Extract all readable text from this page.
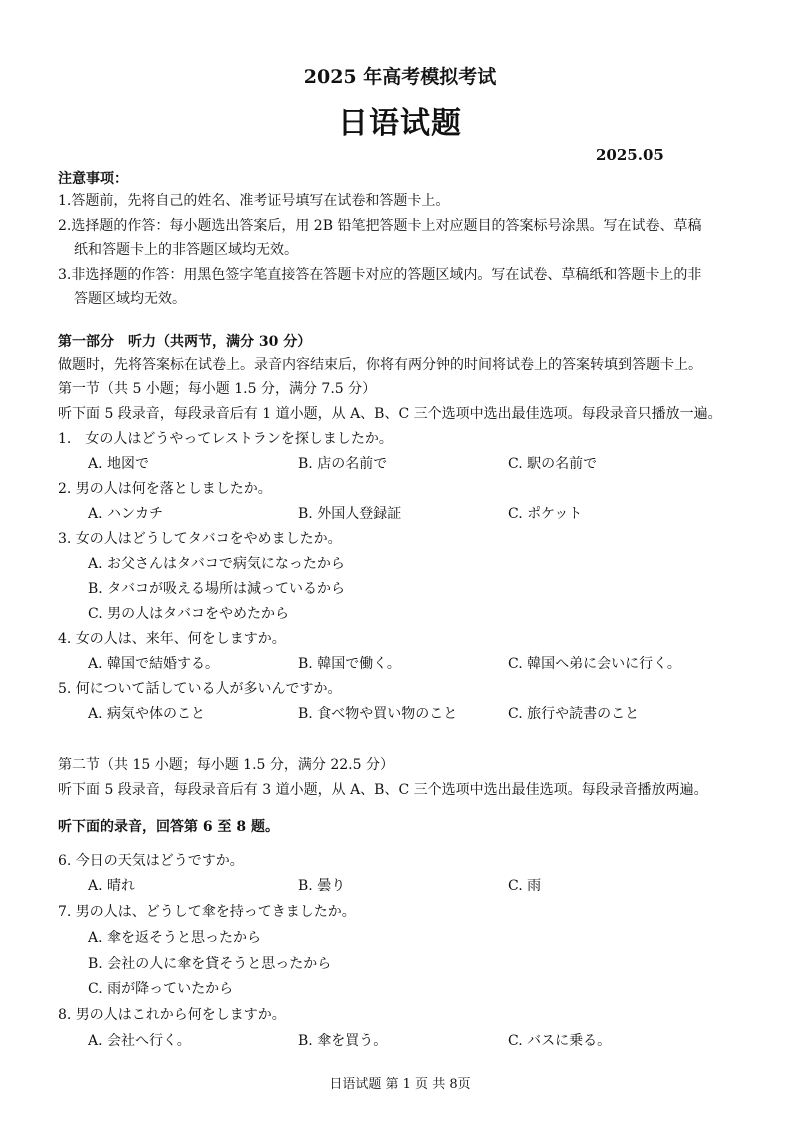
2025 年高考模拟考试
日语试题
2025.05
注意事项：
1.答题前，先将自己的姓名、准考证号填写在试卷和答题卡上。
2.选择题的作答：每小题选出答案后，用 2B 铅笔把答题卡上对应题目的答案标号涂黑。写在试卷、草稿
纸和答题卡上的非答题区域均无效。
3.非选择题的作答：用黑色签字笔直接答在答题卡对应的答题区域内。写在试卷、草稿纸和答题卡上的非
答题区域均无效。
第一部分　听力（共两节，满分 30 分）
做题时，先将答案标在试卷上。录音内容结束后，你将有两分钟的时间将试卷上的答案转填到答题卡上。
第一节（共 5 小题；每小题 1.5 分，满分 7.5 分）
听下面 5 段录音，每段录音后有 1 道小题，从 A、B、C 三个选项中选出最佳选项。每段录音只播放一遍。
1.　女の人はどうやってレストランを探しましたか。
A. 地図で	B. 店の名前で	C. 駅の名前で
2. 男の人は何を落としましたか。
A. ハンカチ	B. 外国人登録証	C. ポケット
3. 女の人はどうしてタバコをやめましたか。
A. お父さんはタバコで病気になったから
B. タバコが吸える場所は減っているから
C. 男の人はタバコをやめたから
4. 女の人は、来年、何をしますか。
A. 韓国で結婚する。	B. 韓国で働く。	C. 韓国へ弟に会いに行く。
5. 何について話している人が多いんですか。
A. 病気や体のこと	B. 食べ物や買い物のこと	C. 旅行や読書のこと
第二节（共 15 小题；每小题 1.5 分，满分 22.5 分）
听下面 5 段录音，每段录音后有 3 道小题，从 A、B、C 三个选项中选出最佳选项。每段录音播放两遍。
听下面的录音，回答第 6 至 8 题。
6. 今日の天気はどうですか。
A. 晴れ	B. 曇り	C. 雨
7. 男の人は、どうして傘を持ってきましたか。
A. 傘を返そうと思ったから
B. 会社の人に傘を貸そうと思ったから
C. 雨が降っていたから
8. 男の人はこれから何をしますか。
A. 会社へ行く。	B. 傘を買う。	C. バスに乗る。
日语试题 第 1 页 共 8页
